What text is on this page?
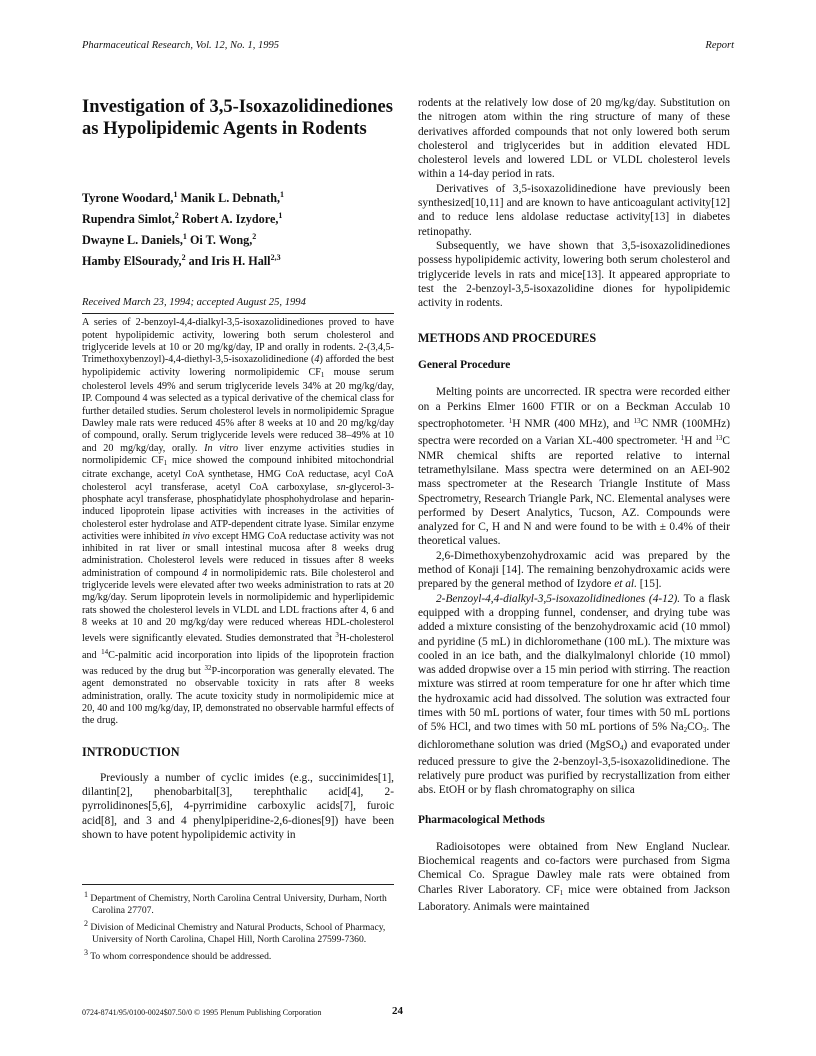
Pharmaceutical Research, Vol. 12, No. 1, 1995	Report
Investigation of 3,5-Isoxazolidinediones as Hypolipidemic Agents in Rodents
Tyrone Woodard,$^1$ Manik L. Debnath,$^1$
Rupendra Simlot,$^2$ Robert A. Izydore,$^1$
Dwayne L. Daniels,$^1$ Oi T. Wong,$^2$
Hamby ElSourady,$^2$ and Iris H. Hall$^{2,3}$
Received March 23, 1994; accepted August 25, 1994
A series of 2-benzoyl-4,4-dialkyl-3,5-isoxazolidinediones proved to have potent hypolipidemic activity, lowering both serum cholesterol and triglyceride levels at 10 or 20 mg/kg/day, IP and orally in rodents. 2-(3,4,5-Trimethoxybenzoyl)-4,4-diethyl-3,5-isoxazolidinedione (4) afforded the best hypolipidemic activity lowering normolipidemic $CF_1$ mouse serum cholesterol levels 49% and serum triglyceride levels 34% at 20 mg/kg/day, IP. Compound 4 was selected as a typical derivative of the chemical class for further detailed studies. Serum cholesterol levels in normolipidemic Sprague Dawley male rats were reduced 45% after 8 weeks at 10 and 20 mg/kg/day of compound, orally. Serum triglyceride levels were reduced 38–49% at 10 and 20 mg/kg/day, orally. In vitro liver enzyme activities studies in normolipidemic $CF_1$ mice showed the compound inhibited mitochondrial citrate exchange, acetyl CoA synthetase, HMG CoA reductase, acyl CoA cholesterol acyl transferase, acetyl CoA carboxylase, sn-glycerol-3-phosphate acyl transferase, phosphatidylate phosphohydrolase and heparin-induced lipoprotein lipase activities with increases in the activities of cholesterol ester hydrolase and ATP-dependent citrate lyase. Similar enzyme activities were inhibited in vivo except HMG CoA reductase activity was not inhibited in rat liver or small intestinal mucosa after 8 weeks drug administration. Cholesterol levels were reduced in tissues after 8 weeks administration of compound 4 in normolipidemic rats. Bile cholesterol and triglyceride levels were elevated after two weeks administration to rats at 20 mg/kg/day. Serum lipoprotein levels in normolipidemic and hyperlipidemic rats showed the cholesterol levels in VLDL and LDL fractions after 4, 6 and 8 weeks at 10 and 20 mg/kg/day were reduced whereas HDL-cholesterol levels were significantly elevated. Studies demonstrated that $^3$H-cholesterol and $^{14}$C-palmitic acid incorporation into lipids of the lipoprotein fraction was reduced by the drug but $^{32}$P-incorporation was generally elevated. The agent demonstrated no observable toxicity in rats after 8 weeks administration, orally. The acute toxicity study in normolipidemic mice at 20, 40 and 100 mg/kg/day, IP, demonstrated no observable harmful effects of the drug.
INTRODUCTION

Previously a number of cyclic imides (e.g., succinimides[1], dilantin[2], phenobarbital[3], terephthalic acid[4], 2-pyrrolidinones[5,6], 4-pyrrimidine carboxylic acids[7], furoic acid[8], and 3 and 4 phenylpiperidine-2,6-diones[9]) have been shown to have potent hypolipidemic activity in

$^1$ Department of Chemistry, North Carolina Central University, Durham, North Carolina 27707.
$^2$ Division of Medicinal Chemistry and Natural Products, School of Pharmacy, University of North Carolina, Chapel Hill, North Carolina 27599-7360.
$^3$ To whom correspondence should be addressed.

rodents at the relatively low dose of 20 mg/kg/day. Substitution on the nitrogen atom within the ring structure of many of these derivatives afforded compounds that not only lowered both serum cholesterol and triglycerides but in addition elevated HDL cholesterol levels and lowered LDL or VLDL cholesterol levels within a 14-day period in rats.

Derivatives of 3,5-isoxazolidinedione have previously been synthesized[10,11] and are known to have anticoagulant activity[12] and to reduce lens aldolase reductase activity[13] in diabetes retinopathy.

Subsequently, we have shown that 3,5-isoxazolidinediones possess hypolipidemic activity, lowering both serum cholesterol and triglyceride levels in rats and mice[13]. It appeared appropriate to test the 2-benzoyl-3,5-isoxazolidine diones for hypolipidemic activity in rodents.

METHODS AND PROCEDURES
General Procedure

Melting points are uncorrected. IR spectra were recorded either on a Perkins Elmer 1600 FTIR or on a Beckman Acculab 10 spectrophotometer. $^1$H NMR (400 MHz), and $^{13}$C NMR (100MHz) spectra were recorded on a Varian XL-400 spectrometer. $^1$H and $^{13}$C NMR chemical shifts are reported relative to internal tetramethylsilane. Mass spectra were determined on an AEI-902 mass spectrometer at the Research Triangle Institute of Mass Spectrometry, Research Triangle Park, NC. Elemental analyses were performed by Desert Analytics, Tucson, AZ. Compounds were analyzed for C, H and N and were found to be with ± 0.4% of their theoretical values.

2,6-Dimethoxybenzohydroxamic acid was prepared by the method of Konaji [14]. The remaining benzohydroxamic acids were prepared by the general method of Izydore et al. [15].

2-Benzoyl-4,4-dialkyl-3,5-isoxazolidinediones (4-12). To a flask equipped with a dropping funnel, condenser, and drying tube was added a mixture consisting of the benzohydroxamic acid (10 mmol) and pyridine (5 mL) in dichloromethane (100 mL). The mixture was cooled in an ice bath, and the dialkylmalonyl chloride (10 mmol) was added dropwise over a 15 min period with stirring. The reaction mixture was stirred at room temperature for one hr after which time the hydroxamic acid had dissolved. The solution was extracted four times with 50 mL portions of water, four times with 50 mL portions of 5% HCl, and two times with 50 mL portions of 5% $Na_2CO_3$. The dichloromethane solution was dried (MgSO$_4$) and evaporated under reduced pressure to give the 2-benzoyl-3,5-isoxazolidinedione. The relatively pure product was purified by recrystallization from either abs. EtOH or by flash chromatography on silica

Pharmacological Methods

Radioisotopes were obtained from New England Nuclear. Biochemical reagents and co-factors were purchased from Sigma Chemical Co. Sprague Dawley male rats were obtained from Charles River Laboratory. $CF_1$ mice were obtained from Jackson Laboratory. Animals were maintained

0724-8741/95/0100-0024$07.50/0 © 1995 Plenum Publishing Corporation	24
